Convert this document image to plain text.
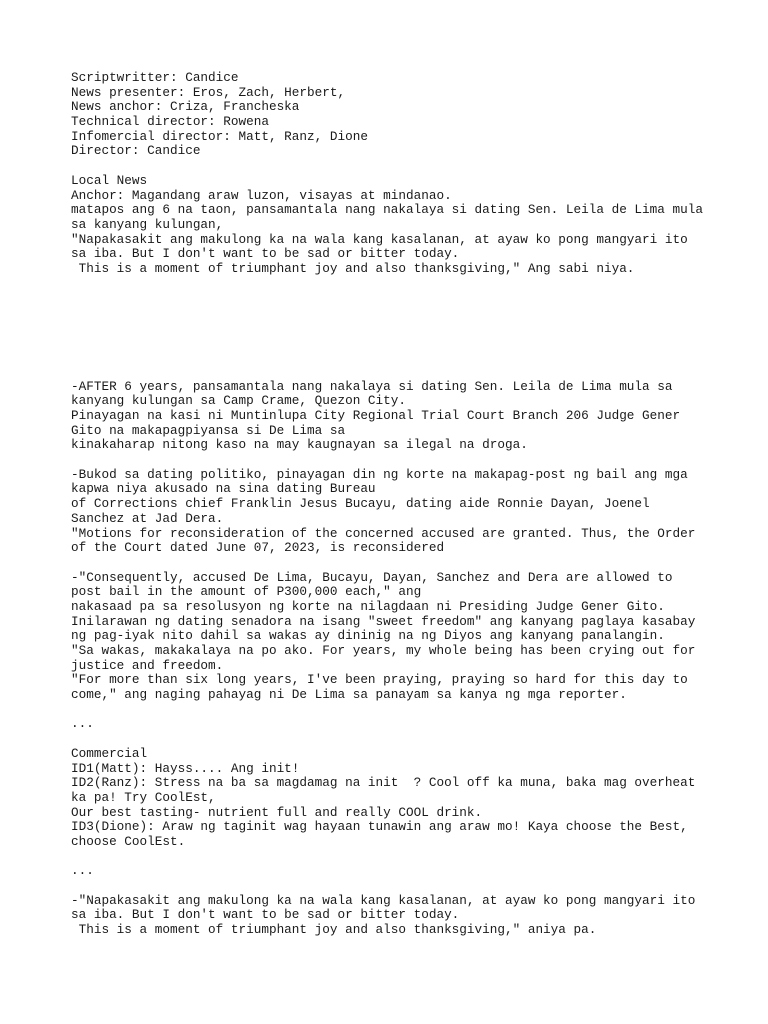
Scriptwritter: Candice
News presenter: Eros, Zach, Herbert,
News anchor: Criza, Francheska
Technical director: Rowena
Infomercial director: Matt, Ranz, Dione
Director: Candice
Local News
Anchor: Magandang araw luzon, visayas at mindanao.
matapos ang 6 na taon, pansamantala nang nakalaya si dating Sen. Leila de Lima mula
sa kanyang kulungan,
"Napakasakit ang makulong ka na wala kang kasalanan, at ayaw ko pong mangyari ito
sa iba. But I don't want to be sad or bitter today.
This is a moment of triumphant joy and also thanksgiving," Ang sabi niya.
-AFTER 6 years, pansamantala nang nakalaya si dating Sen. Leila de Lima mula sa
kanyang kulungan sa Camp Crame, Quezon City.
Pinayagan na kasi ni Muntinlupa City Regional Trial Court Branch 206 Judge Gener
Gito na makapagpiyansa si De Lima sa
kinakaharap nitong kaso na may kaugnayan sa ilegal na droga.
-Bukod sa dating politiko, pinayagan din ng korte na makapag-post ng bail ang mga
kapwa niya akusado na sina dating Bureau
of Corrections chief Franklin Jesus Bucayu, dating aide Ronnie Dayan, Joenel
Sanchez at Jad Dera.
"Motions for reconsideration of the concerned accused are granted. Thus, the Order
of the Court dated June 07, 2023, is reconsidered
-"Consequently, accused De Lima, Bucayu, Dayan, Sanchez and Dera are allowed to
post bail in the amount of P300,000 each," ang
nakasaad pa sa resolusyon ng korte na nilagdaan ni Presiding Judge Gener Gito.
Inilarawan ng dating senadora na isang "sweet freedom" ang kanyang paglaya kasabay
ng pag-iyak nito dahil sa wakas ay dininig na ng Diyos ang kanyang panalangin.
"Sa wakas, makakalaya na po ako. For years, my whole being has been crying out for
justice and freedom.
"For more than six long years, I've been praying, praying so hard for this day to
come," ang naging pahayag ni De Lima sa panayam sa kanya ng mga reporter.
...
Commercial
ID1(Matt): Hayss.... Ang init!
ID2(Ranz): Stress na ba sa magdamag na init  ? Cool off ka muna, baka mag overheat
ka pa! Try CoolEst,
Our best tasting- nutrient full and really COOL drink.
ID3(Dione): Araw ng taginit wag hayaan tunawin ang araw mo! Kaya choose the Best,
choose CoolEst.
...
-"Napakasakit ang makulong ka na wala kang kasalanan, at ayaw ko pong mangyari ito
sa iba. But I don't want to be sad or bitter today.
This is a moment of triumphant joy and also thanksgiving," aniya pa.
